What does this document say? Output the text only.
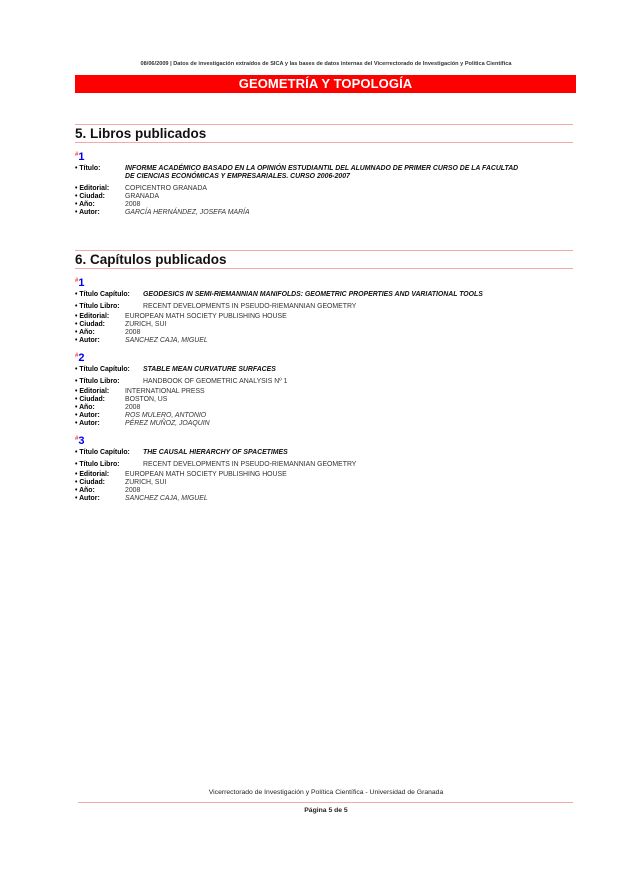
08/06/2009 | Datos de investigación extraídos de SICA y las bases de datos internas del Vicerrectorado de Investigación y Política Científica
GEOMETRÍA Y TOPOLOGÍA
5. Libros publicados
#1
• Título:	INFORME ACADÉMICO BASADO EN LA OPINIÓN ESTUDIANTIL DEL ALUMNADO DE PRIMER CURSO DE LA FACULTAD DE CIENCIAS ECONÓMICAS Y EMPRESARIALES. CURSO 2006-2007
• Editorial:	COPICENTRO GRANADA
• Ciudad:	GRANADA
• Año:	2008
• Autor:	GARCÍA HERNÁNDEZ, JOSEFA MARÍA
6. Capítulos publicados
#1
• Título Capítulo:	GEODESICS IN SEMI-RIEMANNIAN MANIFOLDS: GEOMETRIC PROPERTIES AND VARIATIONAL TOOLS
• Título Libro:	RECENT DEVELOPMENTS IN PSEUDO-RIEMANNIAN GEOMETRY
• Editorial:	EUROPEAN MATH SOCIETY PUBLISHING HOUSE
• Ciudad:	ZURICH, SUI
• Año:	2008
• Autor:	SANCHEZ CAJA, MIGUEL
#2
• Título Capítulo:	STABLE MEAN CURVATURE SURFACES
• Título Libro:	HANDBOOK OF GEOMETRIC ANALYSIS Nº 1
• Editorial:	INTERNATIONAL PRESS
• Ciudad:	BOSTON, US
• Año:	2008
• Autor:	ROS MULERO, ANTONIO
• Autor:	PÉREZ MUÑOZ, JOAQUIN
#3
• Título Capítulo:	THE CAUSAL HIERARCHY OF SPACETIMES
• Título Libro:	RECENT DEVELOPMENTS IN PSEUDO-RIEMANNIAN GEOMETRY
• Editorial:	EUROPEAN MATH SOCIETY PUBLISHING HOUSE
• Ciudad:	ZURICH, SUI
• Año:	2008
• Autor:	SANCHEZ CAJA, MIGUEL
Vicerrectorado de Investigación y Política Científica - Universidad de Granada
Página 5 de 5
